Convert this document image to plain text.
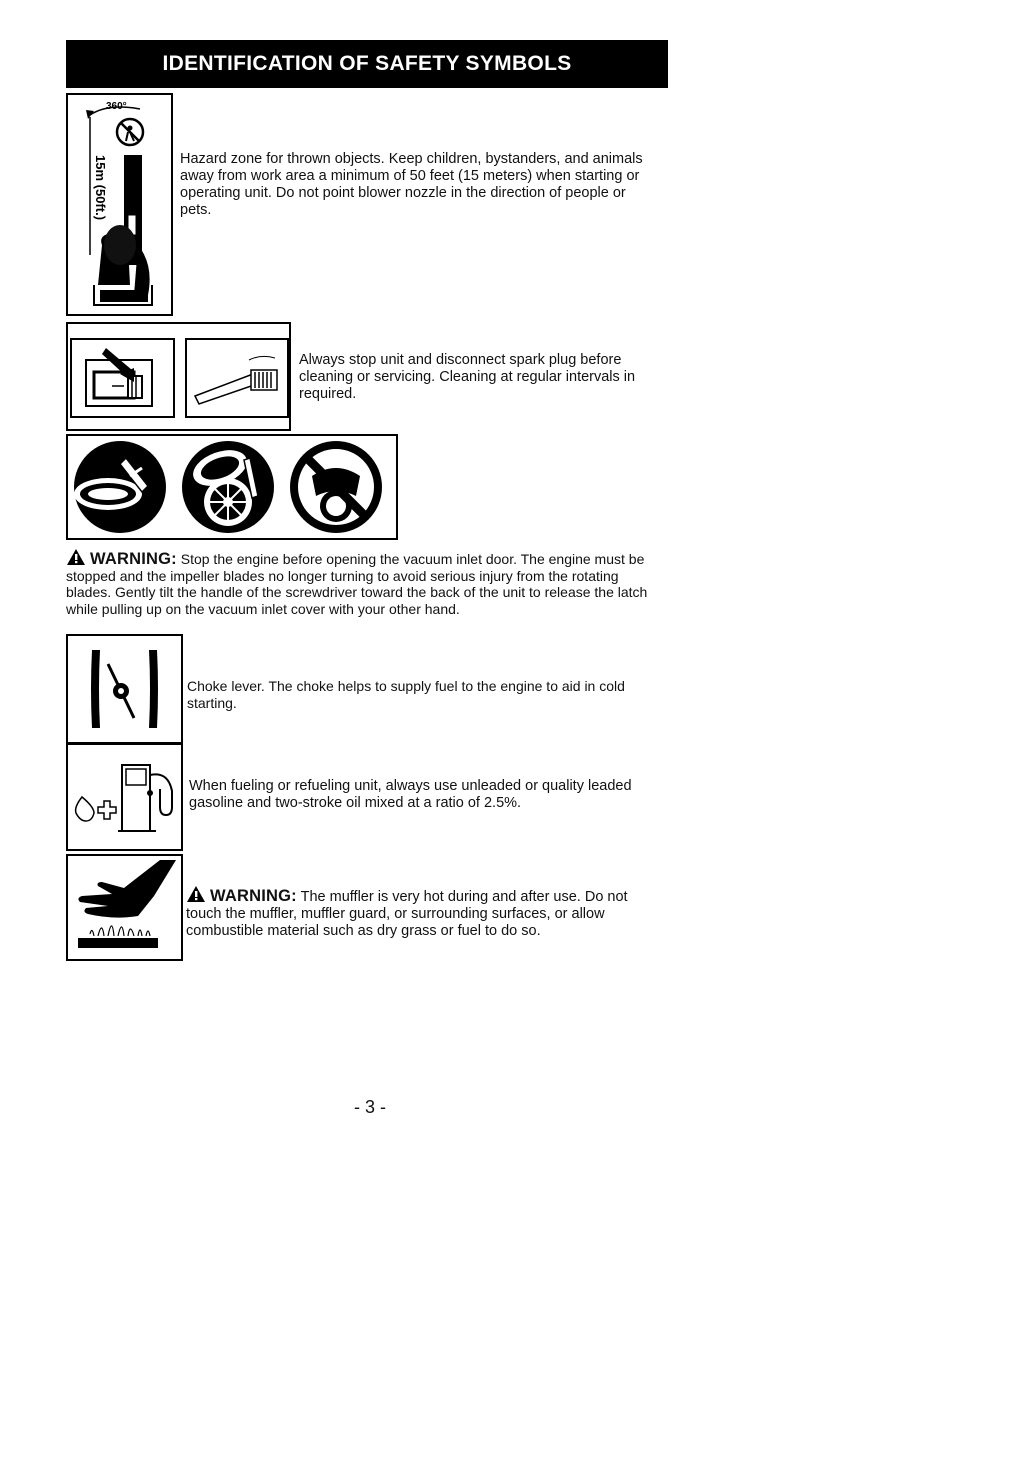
IDENTIFICATION OF SAFETY SYMBOLS
360°
15m (50ft.)	Hazard zone for thrown objects. Keep children, bystanders, and animals away from work area a minimum of 50 feet (15 meters) when starting or operating unit. Do not point blower nozzle in the direction of people or pets.
Always stop unit and disconnect spark plug before cleaning or servicing. Cleaning at regular intervals in required.
WARNING: Stop the engine before opening the vacuum inlet door. The engine must be stopped and the impeller blades no longer turning to avoid serious injury from the rotating blades. Gently tilt the handle of the screwdriver toward the back of the unit to release the latch while pulling up on the vacuum inlet cover with your other hand.
Choke lever. The choke helps to supply fuel to the engine to aid in cold starting.
When fueling or refueling unit, always use unleaded or quality leaded gasoline and two-stroke oil mixed at a ratio of 2.5%.
WARNING: The muffler is very hot during and after use. Do not touch the muffler, muffler guard, or surrounding surfaces, or allow combustible material such as dry grass or fuel to do so.
- 3 -
